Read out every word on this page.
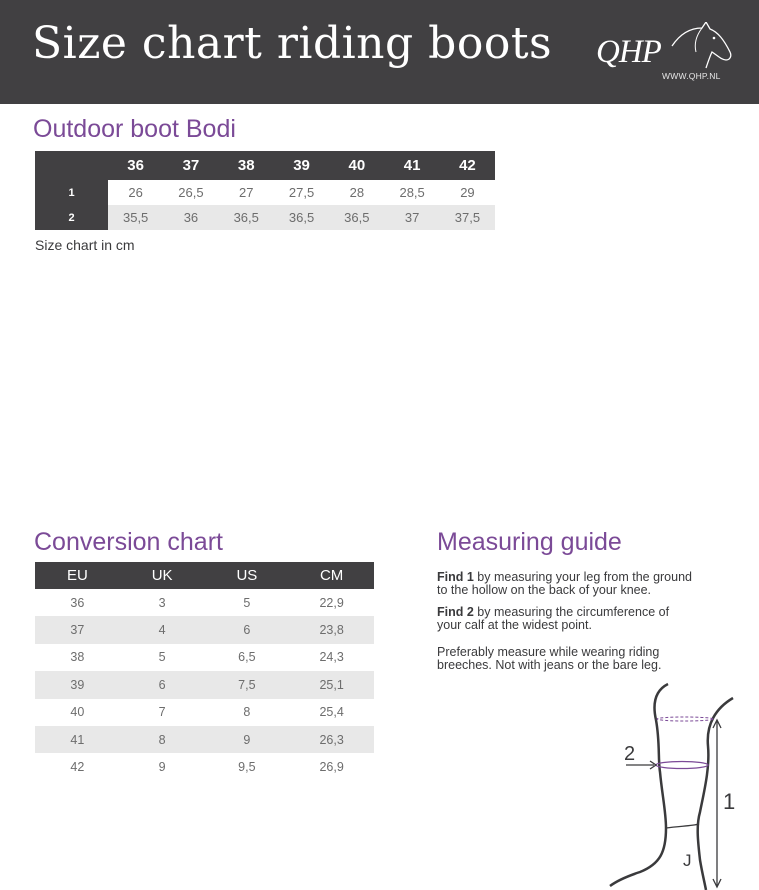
Size chart riding boots QHP
WWW.QHP.NL
Outdoor boot Bodi
	36	37	38	39	40	41	42
1	26	26,5	27	27,5	28	28,5	29
2	35,5	36	36,5	36,5	36,5	37	37,5
Size chart in cm
Conversion chart
EU	UK	US	CM
36	3	5	22,9
37	4	6	23,8
38	5	6,5	24,3
39	6	7,5	25,1
40	7	8	25,4
41	8	9	26,3
42	9	9,5	26,9
Measuring guide
Find 1 by measuring your leg from the ground
to the hollow on the back of your knee.
Find 2 by measuring the circumference of
your calf at the widest point.
Preferably measure while wearing riding
breeches. Not with jeans or the bare leg.
2
1
J
